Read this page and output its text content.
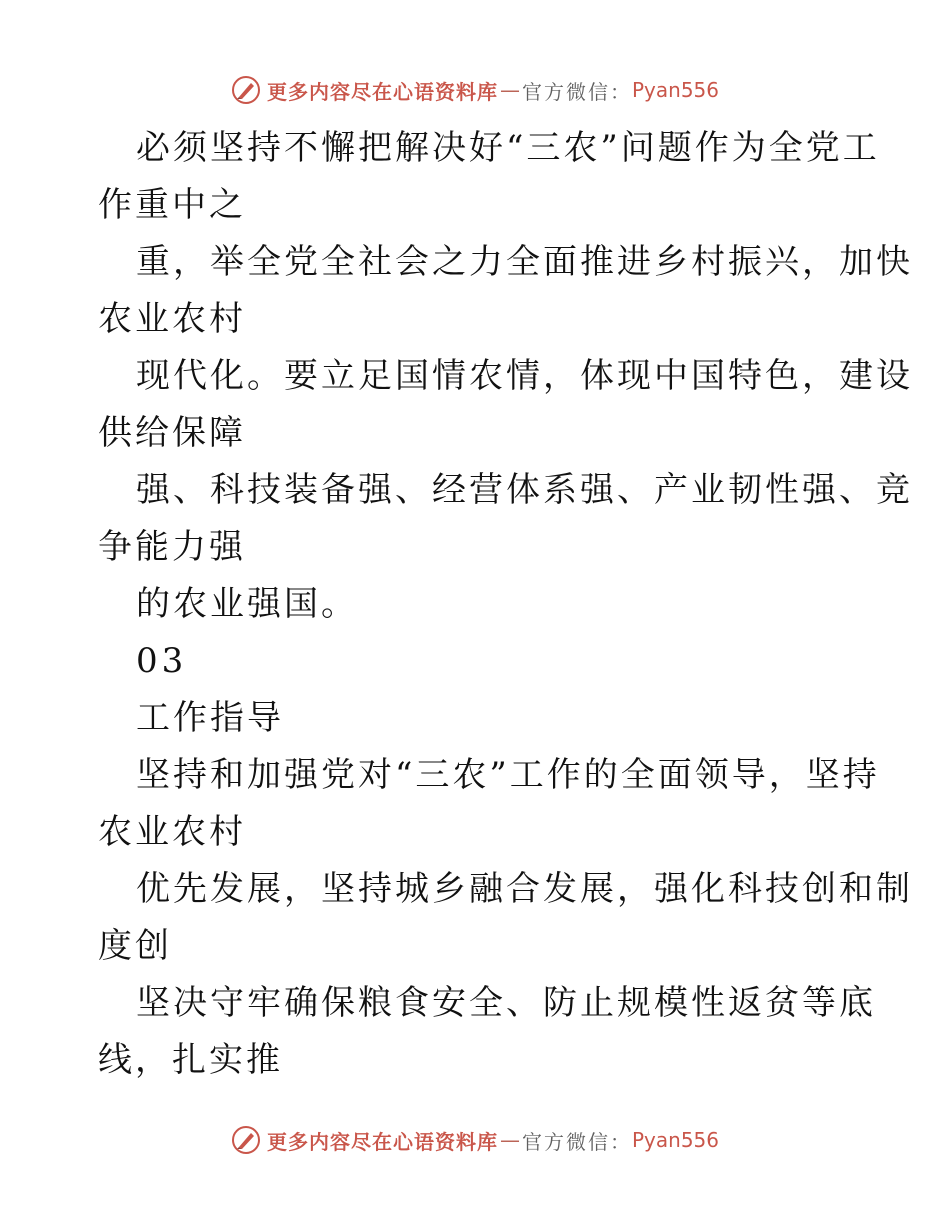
更多内容尽在心语资料库 — 官方微信： Pyan556
必须坚持不懈把解决好“三农”问题作为全党工
作重中之
重，举全党全社会之力全面推进乡村振兴，加快
农业农村
现代化。要立足国情农情，体现中国特色，建设
供给保障
强、科技装备强、经营体系强、产业韧性强、竞
争能力强
的农业强国。
03
工作指导
坚持和加强党对“三农”工作的全面领导，坚持
农业农村
优先发展，坚持城乡融合发展，强化科技创和制
度创
坚决守牢确保粮食安全、防止规模性返贫等底
线，扎实推
更多内容尽在心语资料库 — 官方微信： Pyan556
